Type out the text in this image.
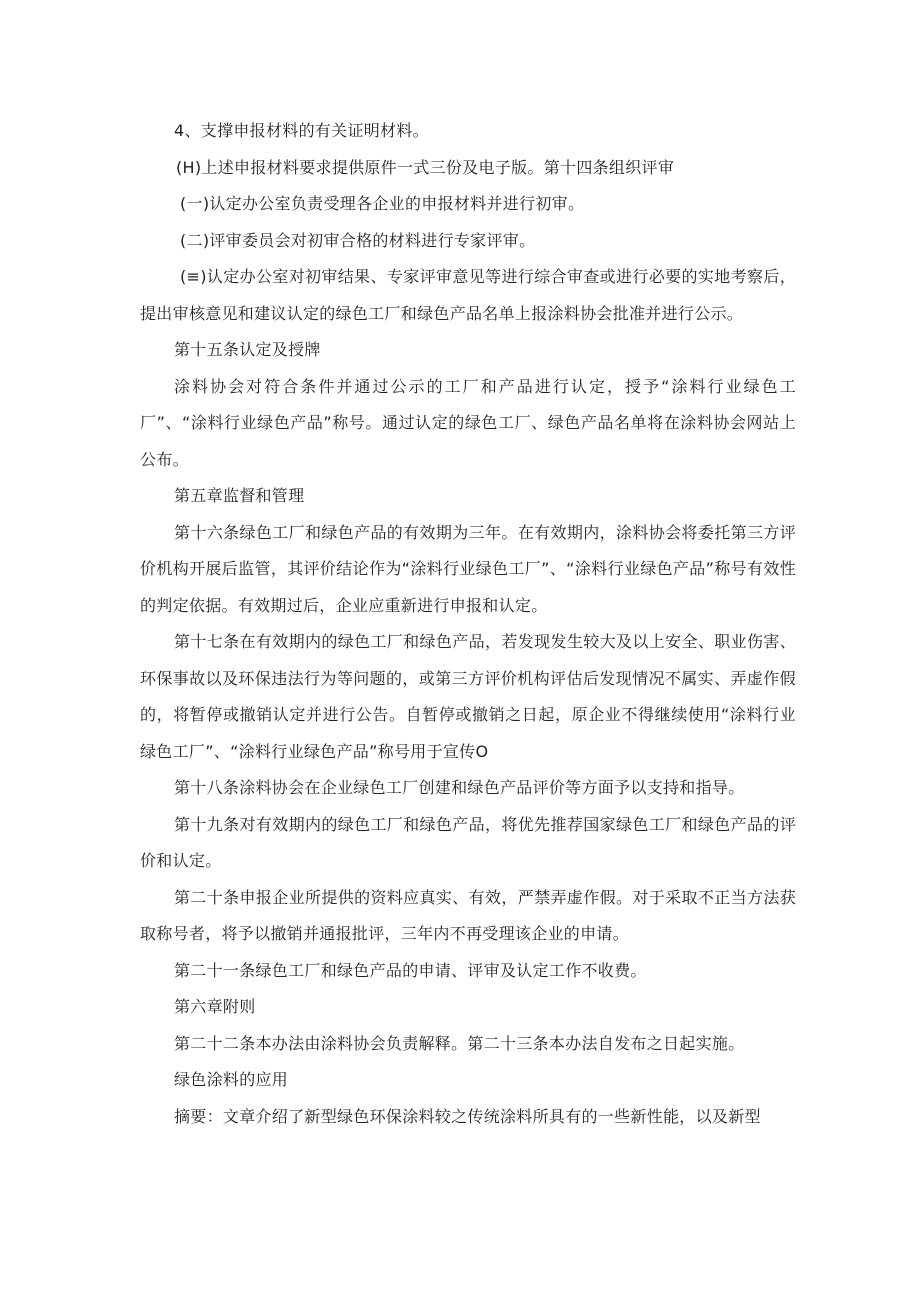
4、支撑申报材料的有关证明材料。

(H)上述申报材料要求提供原件一式三份及电子版。第十四条组织评审

(一)认定办公室负责受理各企业的申报材料并进行初审。

(二)评审委员会对初审合格的材料进行专家评审。

(≡)认定办公室对初审结果、专家评审意见等进行综合审查或进行必要的实地考察后，提出审核意见和建议认定的绿色工厂和绿色产品名单上报涂料协会批准并进行公示。

第十五条认定及授牌

涂料协会对符合条件并通过公示的工厂和产品进行认定，授予“涂料行业绿色工厂”、“涂料行业绿色产品”称号。通过认定的绿色工厂、绿色产品名单将在涂料协会网站上公布。

第五章监督和管理

第十六条绿色工厂和绿色产品的有效期为三年。在有效期内，涂料协会将委托第三方评价机构开展后监管，其评价结论作为“涂料行业绿色工厂”、“涂料行业绿色产品”称号有效性的判定依据。有效期过后，企业应重新进行申报和认定。

第十七条在有效期内的绿色工厂和绿色产品，若发现发生较大及以上安全、职业伤害、环保事故以及环保违法行为等问题的，或第三方评价机构评估后发现情况不属实、弄虚作假的，将暂停或撤销认定并进行公告。自暂停或撤销之日起，原企业不得继续使用“涂料行业绿色工厂”、“涂料行业绿色产品”称号用于宣传O

第十八条涂料协会在企业绿色工厂创建和绿色产品评价等方面予以支持和指导。

第十九条对有效期内的绿色工厂和绿色产品，将优先推荐国家绿色工厂和绿色产品的评价和认定。

第二十条申报企业所提供的资料应真实、有效，严禁弄虚作假。对于采取不正当方法获取称号者，将予以撤销并通报批评，三年内不再受理该企业的申请。

第二十一条绿色工厂和绿色产品的申请、评审及认定工作不收费。

第六章附则

第二十二条本办法由涂料协会负责解释。第二十三条本办法自发布之日起实施。

绿色涂料的应用

摘要：文章介绍了新型绿色环保涂料较之传统涂料所具有的一些新性能，以及新型
